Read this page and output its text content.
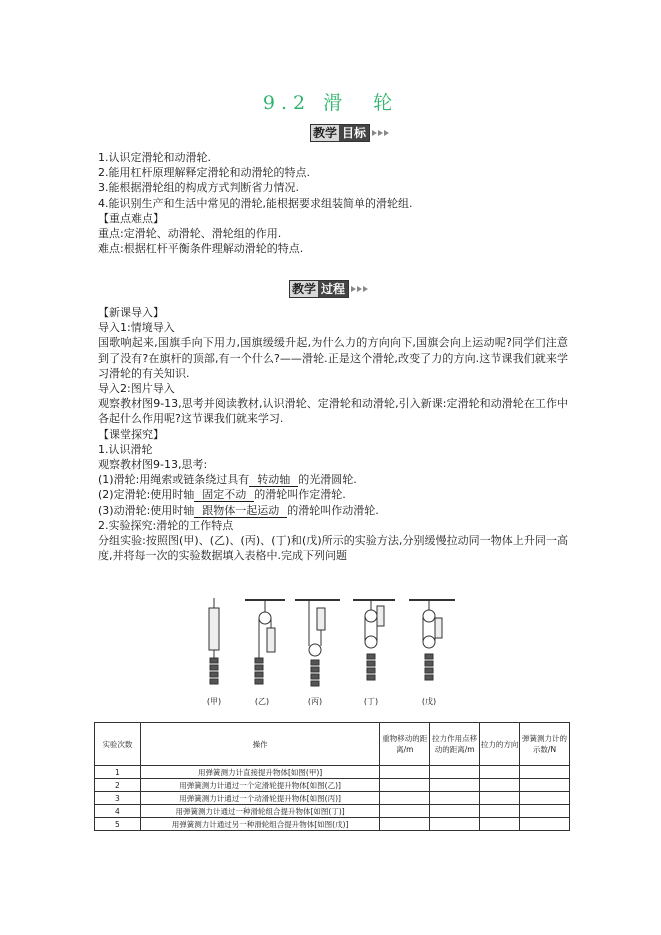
9.2 滑　轮
教学 目标
1.认识定滑轮和动滑轮.
2.能用杠杆原理解释定滑轮和动滑轮的特点.
3.能根据滑轮组的构成方式判断省力情况.
4.能识别生产和生活中常见的滑轮,能根据要求组装简单的滑轮组.
【重点难点】
重点:定滑轮、动滑轮、滑轮组的作用.
难点:根据杠杆平衡条件理解动滑轮的特点.
教学 过程
【新课导入】
导入1:情境导入
国歌响起来,国旗手向下用力,国旗缓缓升起,为什么力的方向向下,国旗会向上运动呢?同学们注意到了没有?在旗杆的顶部,有一个什么?——滑轮.正是这个滑轮,改变了力的方向.这节课我们就来学习滑轮的有关知识.
导入2:图片导入
观察教材图9-13,思考并阅读教材,认识滑轮、定滑轮和动滑轮,引入新课:定滑轮和动滑轮在工作中各起什么作用呢?这节课我们就来学习.
【课堂探究】
1.认识滑轮
观察教材图9-13,思考:
(1)滑轮:用绳索或链条绕过具有 转动轴 的光滑圆轮.
(2)定滑轮:使用时轴 固定不动 的滑轮叫作定滑轮.
(3)动滑轮:使用时轴 跟物体一起运动 的滑轮叫作动滑轮.
2.实验探究:滑轮的工作特点
分组实验:按照图(甲)、(乙)、(丙)、(丁)和(戊)所示的实验方法,分别缓慢拉动同一物体上升同一高度,并将每一次的实验数据填入表格中.完成下列问题
(甲)	(乙)	(丙)	(丁)	(戊)
实验次数	操作	重物移动的距离/m	拉力作用点移动的距离/m	拉力的方向	弹簧测力计的示数/N
1	用弹簧测力计直接提升物体[如图(甲)]				
2	用弹簧测力计通过一个定滑轮提升物体[如图(乙)]				
3	用弹簧测力计通过一个动滑轮提升物体[如图(丙)]				
4	用弹簧测力计通过一种滑轮组合提升物体[如图(丁)]				
5	用弹簧测力计通过另一种滑轮组合提升物体[如图(戊)]				
